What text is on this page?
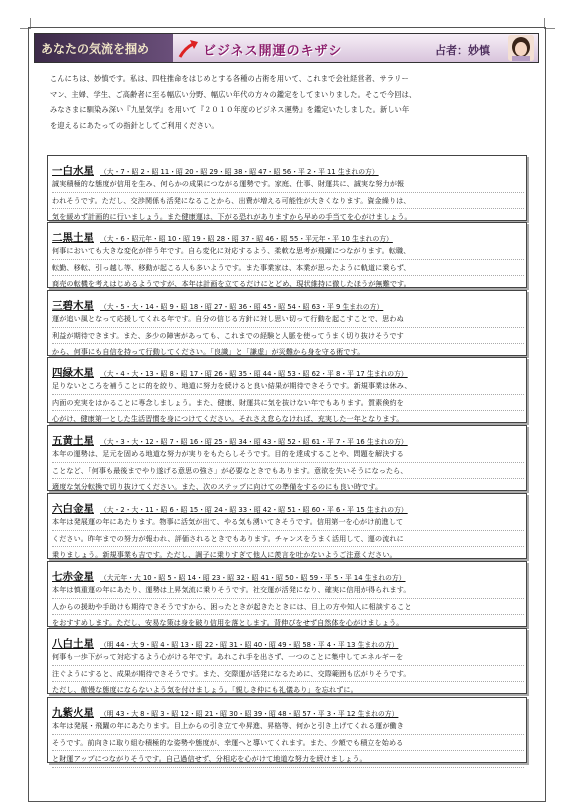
あなたの気流を掴め	ビジネス開運のキザシ	占者：妙慎

こんにちは、妙慎です。私は、四柱推命をはじめとする各種の占術を用いて、これまで会社経営者、サラリー

マン、主婦、学生、ご高齢者に至る幅広い分野、幅広い年代の方々の鑑定をしてまいりました。そこで今回は、

みなさまに馴染み深い『九星気学』を用いて『２０１０年度のビジネス運勢』を鑑定いたしました。新しい年

を迎えるにあたっての指針としてご利用ください。

一白水星 （大・7・昭 2・昭 11・昭 20・昭 29・昭 38・昭 47・昭 56・平 2・平 11 生まれの方）
誠実積極的な態度が信用を生み、何らかの成果につながる運勢です。家庭、仕事、財運共に、誠実な努力が報
われそうです。ただし、交渉関係も活発になることから、出費が増える可能性が大きくなります。資金繰りは、
気を緩めず計画的に行いましょう。また健康運は、下がる恐れがありますから早めの手当てを心がけましょう。
二黒土星 （大・6・昭元年・昭 10・昭 19・昭 28・昭 37・昭 46・昭 55・平元年・平 10 生まれの方）
何事においても大きな変化が伴う年です。自ら変化に対応するよう、柔軟な思考が飛躍につながります。転職、
転勤、移転、引っ越し等、移動が起こる人も多いようです。また事業家は、本業が思ったように軌道に乗らず、
商売の転機を考えはじめるようですが、本年は計画を立てるだけにとどめ、現状維持に徹したほうが無難です。
三碧木星 （大・5・大・14・昭 9・昭 18・昭 27・昭 36・昭 45・昭 54・昭 63・平 9 生まれの方）
運が追い風となって応援してくれる年です。自分の信じる方針に対し思い切って行動を起こすことで、思わぬ
利益が期待できます。また、多少の障害があっても、これまでの経験と人脈を使ってうまく切り抜けそうです
から、何事にも自信を持って行動してください。「良識」と「謙虚」が災難から身を守る術です。
四緑木星 （大・4・大・13・昭 8・昭 17・昭 26・昭 35・昭 44・昭 53・昭 62・平 8・平 17 生まれの方）
足りないところを補うことに的を絞り、地道に努力を続けると良い結果が期待できそうです。新規事業は休み、
内面の充実をはかることに専念しましょう。また、健康、財運共に気を抜けない年でもあります。質素倹約を
心がけ、健康第一とした生活習慣を身につけてください。それさえ怠らなければ、充実した一年となります。
五黄土星 （大・3・大・12・昭 7・昭 16・昭 25・昭 34・昭 43・昭 52・昭 61・平 7・平 16 生まれの方）
本年の運勢は、足元を固める地道な努力が実りをもたらしそうです。目的を達成することや、問題を解決する
ことなど、「何事も最後までやり遂げる意思の強さ」が必要なときでもあります。意欲を失いそうになったら、
適度な気分転換で切り抜けてください。また、次のステップに向けての準備をするのにも良い時です。
六白金星 （大・2・大・11・昭 6・昭 15・昭 24・昭 33・昭 42・昭 51・昭 60・平 6・平 15 生まれの方）
本年は発展運の年にあたります。物事に活気が出て、やる気も湧いてきそうです。信用第一を心がけ前進して
ください。昨年までの努力が報われ、評価されるときでもあります。チャンスをうまく活用して、運の流れに
乗りましょう。新規事業も吉です。ただし、調子に乗りすぎて他人に羨言を吐かないようご注意ください。
七赤金星 （大元年・大 10・昭 5・昭 14・昭 23・昭 32・昭 41・昭 50・昭 59・平 5・平 14 生まれの方）
本年は慎重運の年にあたり、運勢は上昇気流に乗りそうです。社交運が活発になり、確実に信用が得られます。
人からの援助や手助けも期待できそうですから、困ったときが起きたときには、目上の方や知人に相談すること
をおすすめします。ただし、安易な策は身を破り信用を落とします。背伸びをせず自然体を心がけましょう。
八白土星 （明 44・大 9・昭 4・昭 13・昭 22・昭 31・昭 40・昭 49・昭 58・平 4・平 13 生まれの方）
何事も一歩下がって対応するよう心がける年です。あれこれ手を出さず、一つのことに集中してエネルギーを
注ぐようにすると、成果が期待できそうです。また、交際運が活発になるために、交際範囲も広がりそうです。
ただし、傲慢な態度にならないよう気を付けましょう。「親しき仲にも礼儀あり」を忘れずに。
九紫火星 （明 43・大 8・昭 3・昭 12・昭 21・昭 30・昭 39・昭 48・昭 57・平 3・平 12 生まれの方）
本年は発展・飛躍の年にあたります。目上からの引き立てや昇進、昇格等、何かと引き上げてくれる運が働き
そうです。前向きに取り組む積極的な姿勢や態度が、幸運へと導いてくれます。また、少額でも積立を始める
と財運アップにつながりそうです。自己過信せず、分相応を心がけて地道な努力を続けましょう。
